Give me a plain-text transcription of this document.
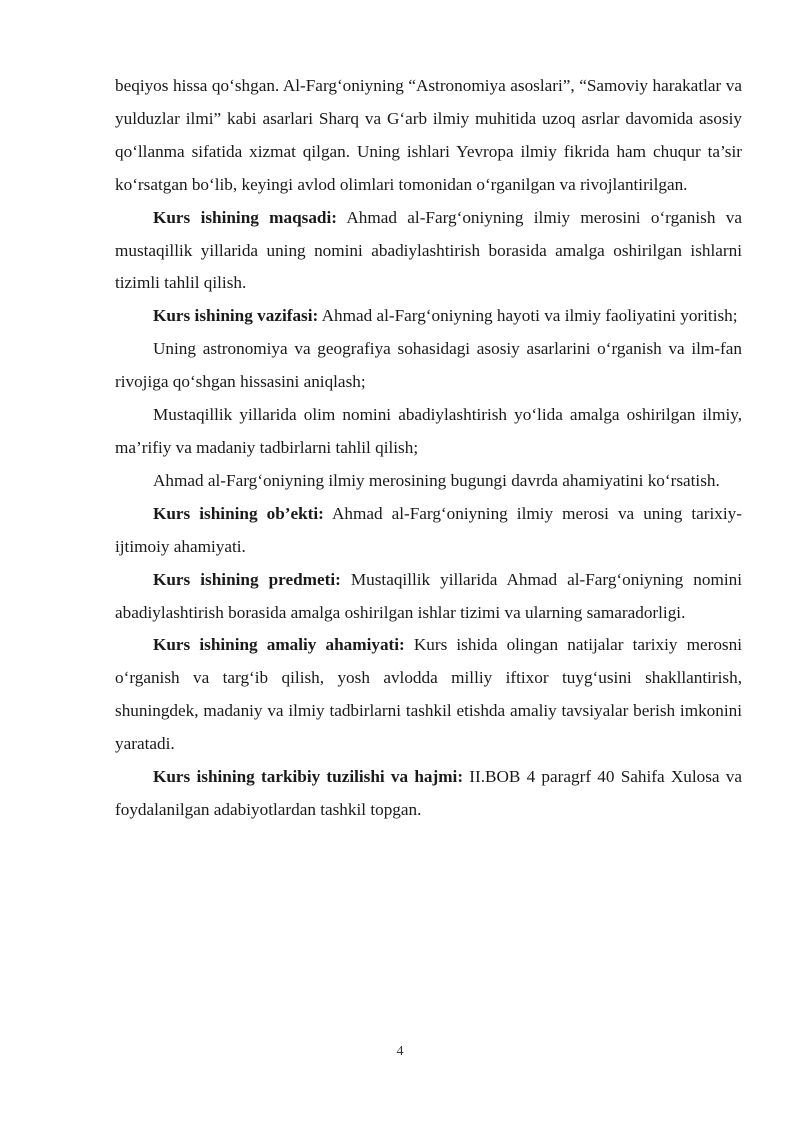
beqiyos hissa qo‘shgan. Al-Farg‘oniyning “Astronomiya asoslari”, “Samoviy harakatlar va yulduzlar ilmi” kabi asarlari Sharq va G‘arb ilmiy muhitida uzoq asrlar davomida asosiy qo‘llanma sifatida xizmat qilgan. Uning ishlari Yevropa ilmiy fikrida ham chuqur ta’sir ko‘rsatgan bo‘lib, keyingi avlod olimlari tomonidan o‘rganilgan va rivojlantirilgan.

Kurs ishining maqsadi: Ahmad al-Farg‘oniyning ilmiy merosini o‘rganish va mustaqillik yillarida uning nomini abadiylashtirish borasida amalga oshirilgan ishlarni tizimli tahlil qilish.

Kurs ishining vazifasi: Ahmad al-Farg‘oniyning hayoti va ilmiy faoliyatini yoritish;

Uning astronomiya va geografiya sohasidagi asosiy asarlarini o‘rganish va ilm-fan rivojiga qo‘shgan hissasini aniqlash;

Mustaqillik yillarida olim nomini abadiylashtirish yo‘lida amalga oshirilgan ilmiy, ma’rifiy va madaniy tadbirlarni tahlil qilish;

Ahmad al-Farg‘oniyning ilmiy merosining bugungi davrda ahamiyatini ko‘rsatish.

Kurs ishining ob’ekti: Ahmad al-Farg‘oniyning ilmiy merosi va uning tarixiy-ijtimoiy ahamiyati.

Kurs ishining predmeti: Mustaqillik yillarida Ahmad al-Farg‘oniyning nomini abadiylashtirish borasida amalga oshirilgan ishlar tizimi va ularning samaradorligi.

Kurs ishining amaliy ahamiyati: Kurs ishida olingan natijalar tarixiy merosni o‘rganish va targ‘ib qilish, yosh avlodda milliy iftixor tuyg‘usini shakllantirish, shuningdek, madaniy va ilmiy tadbirlarni tashkil etishda amaliy tavsiyalar berish imkonini yaratadi.

Kurs ishining tarkibiy tuzilishi va hajmi: II.BOB 4 paragrf 40 Sahifa Xulosa va foydalanilgan adabiyotlardan tashkil topgan.

4
